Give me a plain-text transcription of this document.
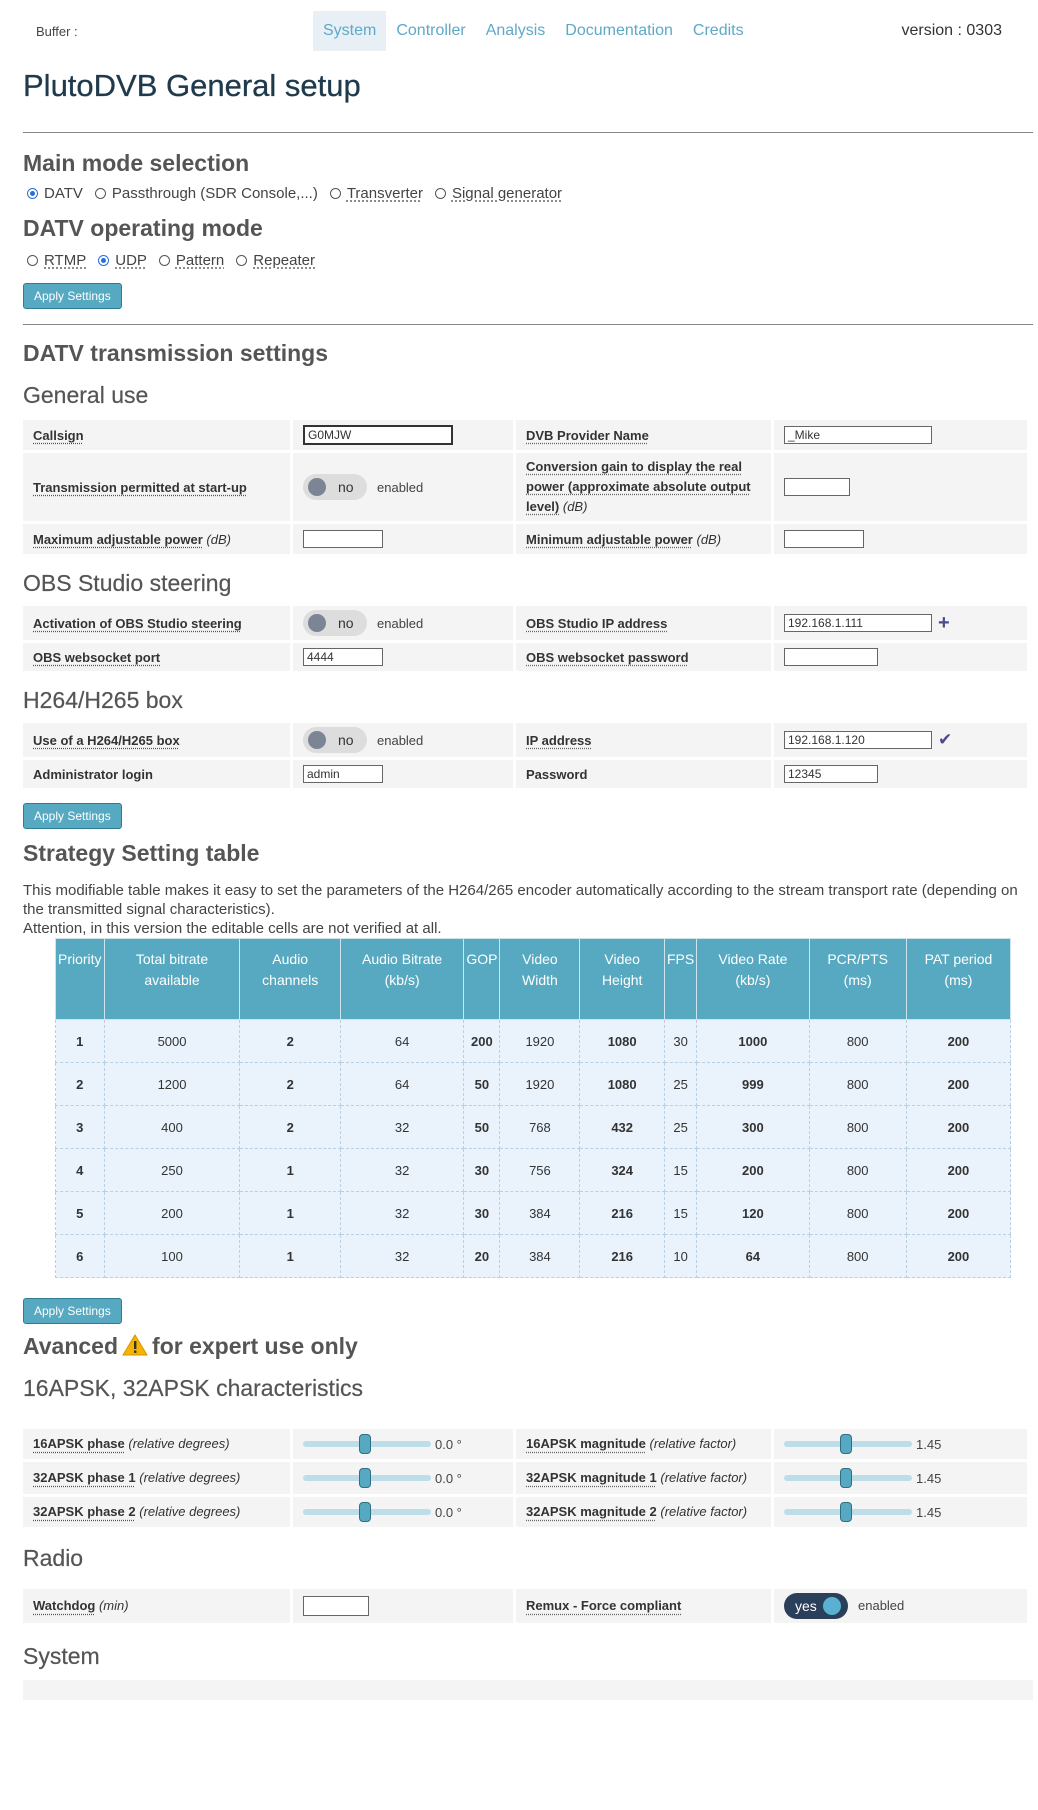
Buffer :	System	Controller	Analysis	Documentation	Credits	version : 0303
PlutoDVB General setup
Main mode selection
DATV Passthrough (SDR Console,...) Transverter Signal generator
DATV operating mode
RTMP UDP Pattern Repeater
Apply Settings
DATV transmission settings
General use
Callsign	G0MJW	DVB Provider Name	_Mike
Transmission permitted at start-up	no enabled	Conversion gain to display the real power (approximate absolute output level) (dB)	
Maximum adjustable power (dB)		Minimum adjustable power (dB)	
OBS Studio steering
Activation of OBS Studio steering	no enabled	OBS Studio IP address	192.168.1.111 +
OBS websocket port	4444	OBS websocket password	
H264/H265 box
Use of a H264/H265 box	no enabled	IP address	192.168.1.120 ✔
Administrator login	admin	Password	12345
Apply Settings
Strategy Setting table
This modifiable table makes it easy to set the parameters of the H264/265 encoder automatically according to the stream transport rate (depending on the transmitted signal characteristics).
Attention, in this version the editable cells are not verified at all.
Priority	Total bitrate available	Audio channels	Audio Bitrate (kb/s)	GOP	Video Width	Video Height	FPS	Video Rate (kb/s)	PCR/PTS (ms)	PAT period (ms)
1	5000	2	64	200	1920	1080	30	1000	800	200
2	1200	2	64	50	1920	1080	25	999	800	200
3	400	2	32	50	768	432	25	300	800	200
4	250	1	32	30	756	324	15	200	800	200
5	200	1	32	30	384	216	15	120	800	200
6	100	1	32	20	384	216	10	64	800	200
Apply Settings
Avanced for expert use only
16APSK, 32APSK characteristics
16APSK phase (relative degrees)	0.0 °	16APSK magnitude (relative factor)	1.45
32APSK phase 1 (relative degrees)	0.0 °	32APSK magnitude 1 (relative factor)	1.45
32APSK phase 2 (relative degrees)	0.0 °	32APSK magnitude 2 (relative factor)	1.45
Radio
Watchdog (min)		Remux - Force compliant	yes	enabled
System
